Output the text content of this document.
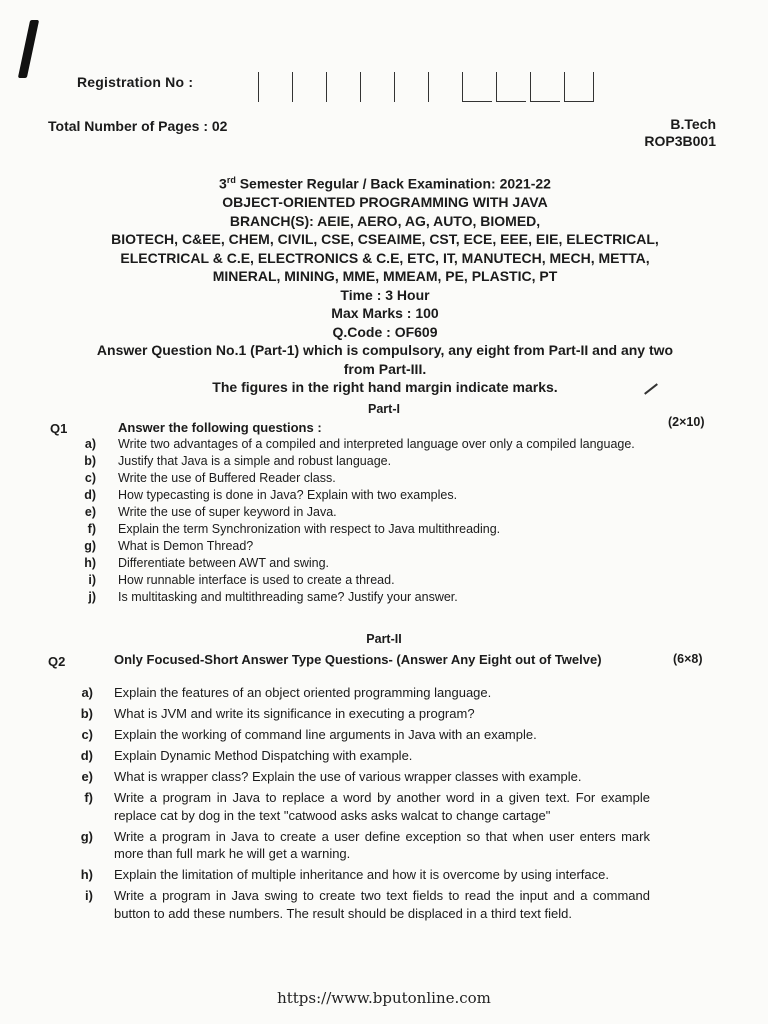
Registration No :
Total Number of Pages : 02	B.Tech
ROP3B001
3rd Semester Regular / Back Examination: 2021-22
OBJECT-ORIENTED PROGRAMMING WITH JAVA
BRANCH(S): AEIE, AERO, AG, AUTO, BIOMED,
BIOTECH, C&EE, CHEM, CIVIL, CSE, CSEAIME, CST, ECE, EEE, EIE, ELECTRICAL,
ELECTRICAL & C.E, ELECTRONICS & C.E, ETC, IT, MANUTECH, MECH, METTA,
MINERAL, MINING, MME, MMEAM, PE, PLASTIC, PT
Time : 3 Hour
Max Marks : 100
Q.Code : OF609
Answer Question No.1 (Part-1) which is compulsory, any eight from Part-II and any two
from Part-III.
The figures in the right hand margin indicate marks.
Part-I
Q1	Answer the following questions :	(2×10)
a) Write two advantages of a compiled and interpreted language over only a compiled language.
b) Justify that Java is a simple and robust language.
c) Write the use of Buffered Reader class.
d) How typecasting is done in Java? Explain with two examples.
e) Write the use of super keyword in Java.
f) Explain the term Synchronization with respect to Java multithreading.
g) What is Demon Thread?
h) Differentiate between AWT and swing.
i) How runnable interface is used to create a thread.
j) Is multitasking and multithreading same? Justify your answer.
Part-II
Q2	Only Focused-Short Answer Type Questions- (Answer Any Eight out of Twelve)	(6×8)
a) Explain the features of an object oriented programming language.
b) What is JVM and write its significance in executing a program?
c) Explain the working of command line arguments in Java with an example.
d) Explain Dynamic Method Dispatching with example.
e) What is wrapper class? Explain the use of various wrapper classes with example.
f) Write a program in Java to replace a word by another word in a given text. For example replace cat by dog in the text "catwood asks asks walcat to change cartage"
g) Write a program in Java to create a user define exception so that when user enters mark more than full mark he will get a warning.
h) Explain the limitation of multiple inheritance and how it is overcome by using interface.
i) Write a program in Java swing to create two text fields to read the input and a command button to add these numbers. The result should be displaced in a third text field.
https://www.bputonline.com
